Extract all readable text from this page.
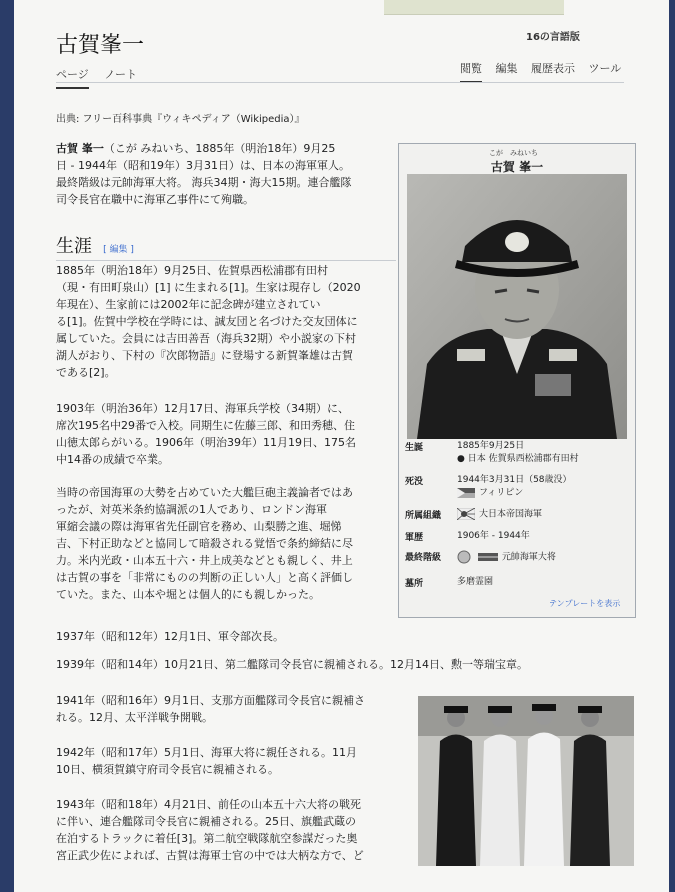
古賀峯一	16の言語版
ページ ノート	閲覧 編集 履歴表示 ツール
出典: フリー百科事典『ウィキペディア（Wikipedia）』
古賀 峯一（こが みねいち、1885年（明治18年）9月25
日 - 1944年（昭和19年）3月31日）は、日本の海軍軍人。
最終階級は元帥海軍大将。 海兵34期・海大15期。連合艦隊
司令長官在職中に海軍乙事件にて殉職。
生涯 [ 編集 ]
1885年（明治18年）9月25日、佐賀県西松浦郡有田村
（現・有田町泉山）[1] に生まれる[1]。生家は現存し（2020
年現在）、生家前には2002年に記念碑が建立されてい
る[1]。佐賀中学校在学時には、誠友団と名づけた交友団体に
属していた。会員には吉田善吾（海兵32期）や小説家の下村
湖人がおり、下村の『次郎物語』に登場する新賀峯雄は古賀
である[2]。
1903年（明治36年）12月17日、海軍兵学校（34期）に、
席次195名中29番で入校。同期生に佐藤三郎、和田秀穂、住
山徳太郎らがいる。1906年（明治39年）11月19日、175名
中14番の成績で卒業。
当時の帝国海軍の大勢を占めていた大艦巨砲主義論者ではあ
ったが、対英米条約協調派の1人であり、ロンドン海軍
軍縮会議の際は海軍省先任副官を務め、山梨勝之進、堀悌
吉、下村正助などと協同して暗殺される覚悟で条約締結に尽
力。米内光政・山本五十六・井上成美などとも親しく、井上
は古賀の事を「非常にものの判断の正しい人」と高く評価し
ていた。また、山本や堀とは個人的にも親しかった。
1937年（昭和12年）12月1日、軍令部次長。
1939年（昭和14年）10月21日、第二艦隊司令長官に親補される。12月14日、勲一等瑞宝章。
1941年（昭和16年）9月1日、支那方面艦隊司令長官に親補さ
れる。12月、太平洋戦争開戦。
1942年（昭和17年）5月1日、海軍大将に親任される。11月
10日、横須賀鎮守府司令長官に親補される。
1943年（昭和18年）4月21日、前任の山本五十六大将の戦死
に伴い、連合艦隊司令長官に親補される。25日、旗艦武蔵の
在泊するトラックに着任[3]。第二航空戦隊航空参謀だった奥
宮正武少佐によれば、古賀は海軍士官の中では大柄な方で、ど
こが　みねいち
古賀 峯一
生誕	1885年9月25日
● 日本 佐賀県西松浦郡有田村
死没	1944年3月31日（58歳没）
フィリピン
所属組織	大日本帝国海軍
軍歴	1906年 - 1944年
最終階級	元帥海軍大将
墓所	多磨霊園
テンプレートを表示
